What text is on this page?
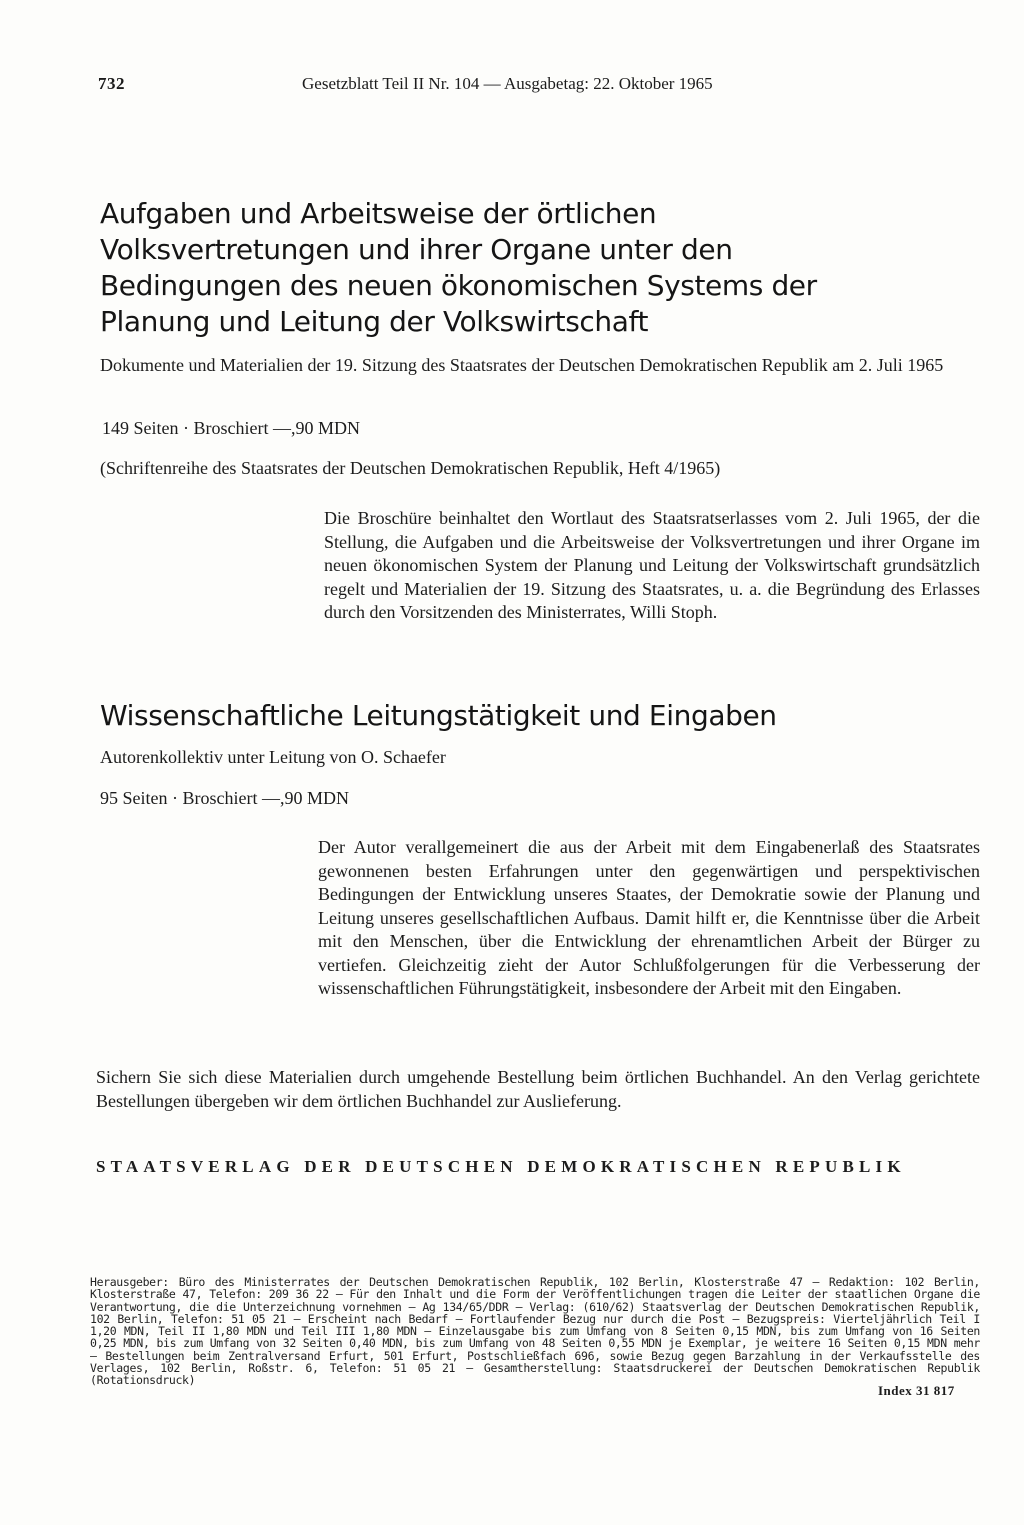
732	Gesetzblatt Teil II Nr. 104 — Ausgabetag: 22. Oktober 1965
Aufgaben und Arbeitsweise der örtlichen Volksvertretungen und ihrer Organe unter den Bedingungen des neuen ökonomischen Systems der Planung und Leitung der Volkswirtschaft

Dokumente und Materialien der 19. Sitzung des Staatsrates der Deutschen Demokratischen Republik am 2. Juli 1965

149 Seiten · Broschiert —,90 MDN

(Schriftenreihe des Staatsrates der Deutschen Demokratischen Republik, Heft 4/1965)

Die Broschüre beinhaltet den Wortlaut des Staatsratserlasses vom 2. Juli 1965, der die Stellung, die Aufgaben und die Arbeitsweise der Volksvertretungen und ihrer Organe im neuen ökonomischen System der Planung und Leitung der Volkswirtschaft grundsätzlich regelt und Materialien der 19. Sitzung des Staatsrates, u. a. die Begründung des Erlasses durch den Vorsitzenden des Ministerrates, Willi Stoph.

Wissenschaftliche Leitungstätigkeit und Eingaben

Autorenkollektiv unter Leitung von O. Schaefer

95 Seiten · Broschiert —,90 MDN

Der Autor verallgemeinert die aus der Arbeit mit dem Eingabenerlaß des Staatsrates gewonnenen besten Erfahrungen unter den gegenwärtigen und perspektivischen Bedingungen der Entwicklung unseres Staates, der Demokratie sowie der Planung und Leitung unseres gesellschaftlichen Aufbaus. Damit hilft er, die Kenntnisse über die Arbeit mit den Menschen, über die Entwicklung der ehrenamtlichen Arbeit der Bürger zu vertiefen. Gleichzeitig zieht der Autor Schlußfolgerungen für die Verbesserung der wissenschaftlichen Führungstätigkeit, insbesondere der Arbeit mit den Eingaben.

Sichern Sie sich diese Materialien durch umgehende Bestellung beim örtlichen Buchhandel. An den Verlag gerichtete Bestellungen übergeben wir dem örtlichen Buchhandel zur Auslieferung.

STAATSVERLAG DER DEUTSCHEN DEMOKRATISCHEN REPUBLIK
Herausgeber: Büro des Ministerrates der Deutschen Demokratischen Republik, 102 Berlin, Klosterstraße 47 — Redaktion: 102 Berlin, Klosterstraße 47, Telefon: 209 36 22 — Für den Inhalt und die Form der Veröffentlichungen tragen die Leiter der staatlichen Organe die Verantwortung, die die Unterzeichnung vornehmen — Ag 134/65/DDR — Verlag: (610/62) Staatsverlag der Deutschen Demokratischen Republik, 102 Berlin, Telefon: 51 05 21 — Erscheint nach Bedarf — Fortlaufender Bezug nur durch die Post — Bezugspreis: Vierteljährlich Teil I 1,20 MDN, Teil II 1,80 MDN und Teil III 1,80 MDN — Einzelausgabe bis zum Umfang von 8 Seiten 0,15 MDN, bis zum Umfang von 16 Seiten 0,25 MDN, bis zum Umfang von 32 Seiten 0,40 MDN, bis zum Umfang von 48 Seiten 0,55 MDN je Exemplar, je weitere 16 Seiten 0,15 MDN mehr — Bestellungen beim Zentralversand Erfurt, 501 Erfurt, Postschließfach 696, sowie Bezug gegen Barzahlung in der Verkaufsstelle des Verlages, 102 Berlin, Roßstr. 6, Telefon: 51 05 21 — Gesamtherstellung: Staatsdruckerei der Deutschen Demokratischen Republik (Rotationsdruck)
Index 31 817
